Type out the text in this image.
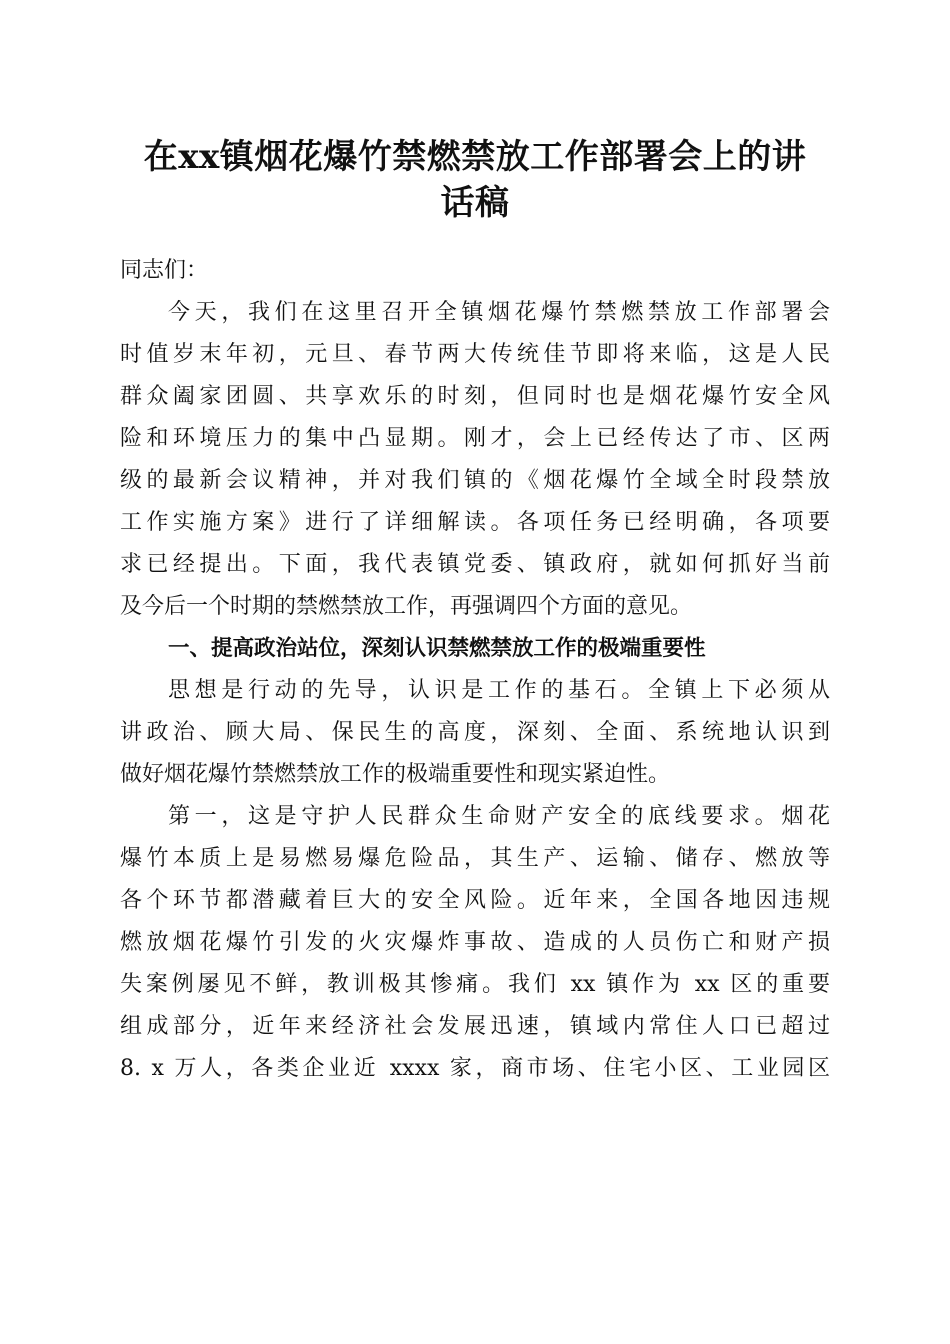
在xx镇烟花爆竹禁燃禁放工作部署会上的讲
话稿
同志们：
今天，我们在这里召开全镇烟花爆竹禁燃禁放工作部署会
时值岁末年初，元旦、春节两大传统佳节即将来临，这是人民
群众阖家团圆、共享欢乐的时刻，但同时也是烟花爆竹安全风
险和环境压力的集中凸显期。刚才，会上已经传达了市、区两
级的最新会议精神，并对我们镇的《烟花爆竹全域全时段禁放
工作实施方案》进行了详细解读。各项任务已经明确，各项要
求已经提出。下面，我代表镇党委、镇政府，就如何抓好当前
及今后一个时期的禁燃禁放工作，再强调四个方面的意见。
一、提高政治站位，深刻认识禁燃禁放工作的极端重要性
思想是行动的先导，认识是工作的基石。全镇上下必须从
讲政治、顾大局、保民生的高度，深刻、全面、系统地认识到
做好烟花爆竹禁燃禁放工作的极端重要性和现实紧迫性。
第一，这是守护人民群众生命财产安全的底线要求。烟花
爆竹本质上是易燃易爆危险品，其生产、运输、储存、燃放等
各个环节都潜藏着巨大的安全风险。近年来，全国各地因违规
燃放烟花爆竹引发的火灾爆炸事故、造成的人员伤亡和财产损
失案例屡见不鲜，教训极其惨痛。我们 xx 镇作为 xx 区的重要
组成部分，近年来经济社会发展迅速，镇域内常住人口已超过
8. x 万人，各类企业近 xxxx 家，商市场、住宅小区、工业园区
